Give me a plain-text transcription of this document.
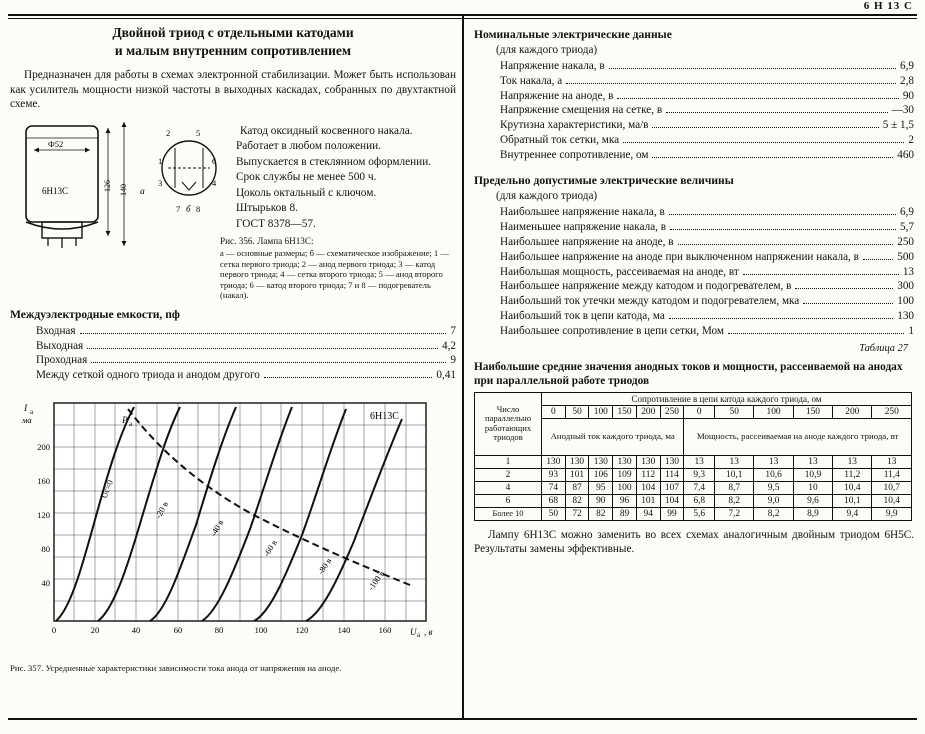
6 Н 13 С
Двойной триод с отдельными катодами
и малым внутренним сопротивлением

Предназначен для работы в схемах электронной стабилизации. Может быть использован как усилитель мощности низкой частоты в выходных каскадах, собранных по двухтактной схеме.

Ф52
126 140
6Н13С	а
2	5
1	6
3	4
7 8
б

Катод оксидный косвенного накала.

Работает в любом положении.

Выпускается в стеклянном оформлении.

Срок службы не менее 500 ч.

Цоколь октальный с ключом.

Штырьков 8.

ГОСТ 8378—57.

Рис. 356. Лампа 6Н13С:
а — основные размеры; б — схематическое изображение; 1 — сетка первого триода; 2 — анод первого триода; 3 — катод первого триода; 4 — сетка второго триода; 5 — анод второго триода; 6 — катод второго триода; 7 и 8 — подогреватель (накал).
Междуэлектродные емкости, пф
Входная	7
Выходная	4,2
Проходная	9
Между сеткой одного триода и анодом другого	0,41
200
160
120
80
40
0	20	40	60	80	100	120	140	160 U а , в
I а
ма	6Н13С
Uc=0
-20 в
-40 в
-60 в
-80 в
-100 в
P а
Рис. 357. Усредненные характеристики зависимости тока анода от напряжения на аноде.
Номинальные электрические данные
(для каждого триода)
Напряжение накала, в	6,9
Ток накала, а	2,8
Напряжение на аноде, в	90
Напряжение смещения на сетке, в	—30
Крутизна характеристики, ма/в	5 ± 1,5
Обратный ток сетки, мка	2
Внутреннее сопротивление, ом	460
Предельно допустимые электрические величины
(для каждого триода)
Наибольшее напряжение накала, в	6,9
Наименьшее напряжение накала, в	5,7
Наибольшее напряжение на аноде, в	250
Наибольшее напряжение на аноде при выключенном напряжении накала, в	500
Наибольшая мощность, рассеиваемая на аноде, вт	13
Наибольшее напряжение между катодом и подогревателем, в	300
Наибольший ток утечки между катодом и подогревателем, мка	100
Наибольший ток в цепи катода, ма	130
Наибольшее сопротивление в цепи сетки, Мом	1
Таблица 27
Наибольшие средние значения анодных токов и мощности, рассеиваемой на анодах при параллельной работе триодов
Число параллельно работающих триодов	Сопротивление в цепи катода каждого триода, ом											
	0	50	100	150	200	250	0	50	100	150	200	250
	Анодный ток каждого триода, ма						Мощность, рассеиваемая на аноде каждого триода, вт					
1	130	130	130	130	130	130	13	13	13	13	13	13
2	93	101	106	109	112	114	9,3	10,1	10,6	10,9	11,2	11,4
4	74	87	95	100	104	107	7,4	8,7	9,5	10	10,4	10,7
6	68	82	90	96	101	104	6,8	8,2	9,0	9,6	10,1	10,4
Более 10	50	72	82	89	94	99	5,6	7,2	8,2	8,9	9,4	9,9

Лампу 6Н13С можно заменить во всех схемах аналогичным двойным триодом 6Н5С. Результаты замены эффективные.
